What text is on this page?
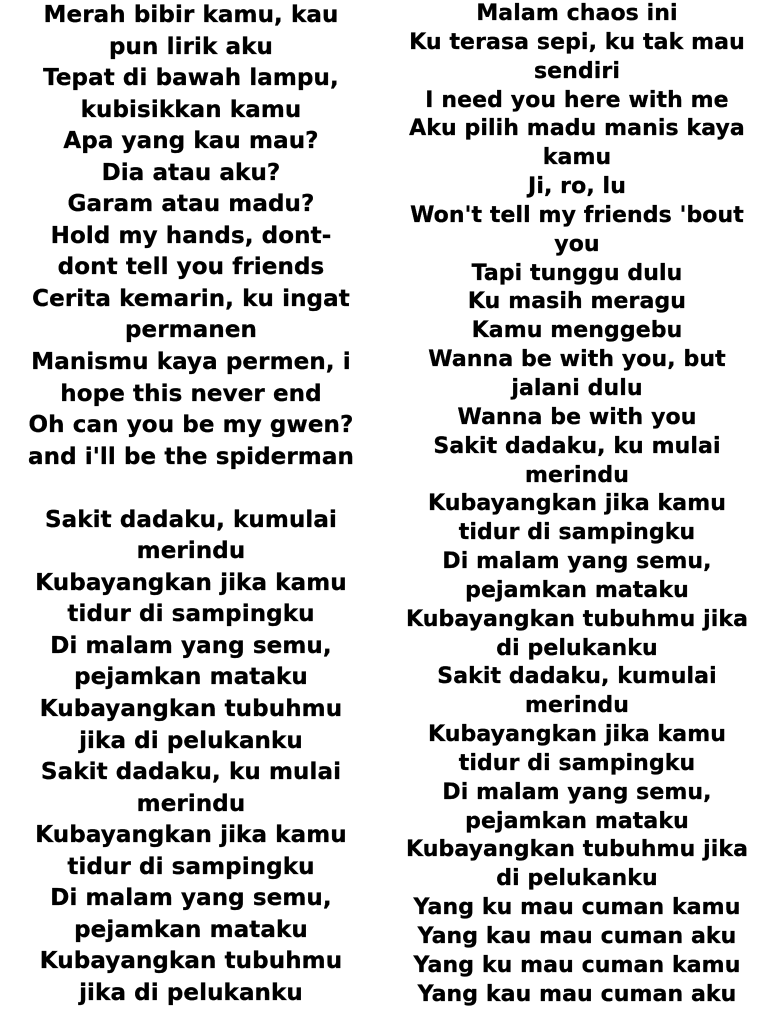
Merah bibir kamu, kau
pun lirik aku
Tepat di bawah lampu,
kubisikkan kamu
Apa yang kau mau?
Dia atau aku?
Garam atau madu?
Hold my hands, dont-
dont tell you friends
Cerita kemarin, ku ingat
permanen
Manismu kaya permen, i
hope this never end
Oh can you be my gwen?
and i'll be the spiderman
Sakit dadaku, kumulai
merindu
Kubayangkan jika kamu
tidur di sampingku
Di malam yang semu,
pejamkan mataku
Kubayangkan tubuhmu
jika di pelukanku
Sakit dadaku, ku mulai
merindu
Kubayangkan jika kamu
tidur di sampingku
Di malam yang semu,
pejamkan mataku
Kubayangkan tubuhmu
jika di pelukanku
Malam chaos ini
Ku terasa sepi, ku tak mau
sendiri
I need you here with me
Aku pilih madu manis kaya
kamu
Ji, ro, lu
Won't tell my friends 'bout
you
Tapi tunggu dulu
Ku masih meragu
Kamu menggebu
Wanna be with you, but
jalani dulu
Wanna be with you
Sakit dadaku, ku mulai
merindu
Kubayangkan jika kamu
tidur di sampingku
Di malam yang semu,
pejamkan mataku
Kubayangkan tubuhmu jika
di pelukanku
Sakit dadaku, kumulai
merindu
Kubayangkan jika kamu
tidur di sampingku
Di malam yang semu,
pejamkan mataku
Kubayangkan tubuhmu jika
di pelukanku
Yang ku mau cuman kamu
Yang kau mau cuman aku
Yang ku mau cuman kamu
Yang kau mau cuman aku
